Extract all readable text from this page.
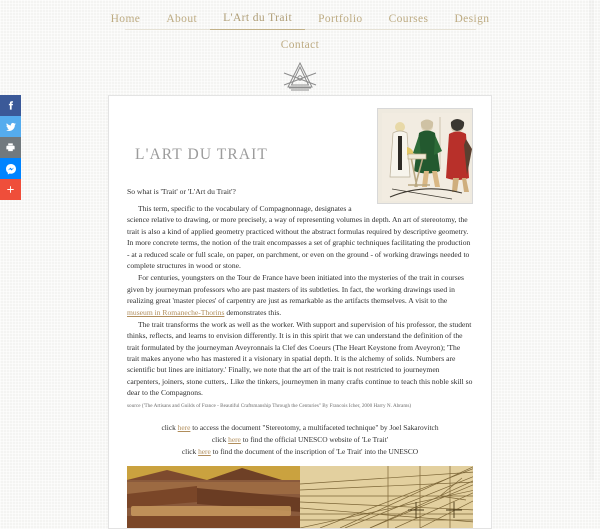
Home	About	L'Art du Trait	Portfolio	Courses	Design
Contact
L'ART DU TRAIT

So what is 'Trait' or 'L'Art du Trait'?

This term, specific to the vocabulary of Compagnonnage, designates a science relative to drawing, or more precisely, a way of representing volumes in depth. An art of stereotomy, the trait is also a kind of applied geometry practiced without the abstract formulas required by descriptive geometry. In more concrete terms, the notion of the trait encompasses a set of graphic techniques facilitating the production - at a reduced scale or full scale, on paper, on parchment, or even on the ground - of working drawings needed to complete structures in wood or stone.

For centuries, youngsters on the Tour de France have been initiated into the mysteries of the trait in courses given by journeyman professors who are past masters of its subtleties. In fact, the working drawings used in realizing great 'master pieces' of carpentry are just as remarkable as the artifacts themselves. A visit to the museum in Romaneche-Thorins demonstrates this.

The trait transforms the work as well as the worker. With support and supervision of his professor, the student thinks, reflects, and learns to envision differently. It is in this spirit that we can understand the definition of the trait formulated by the journeyman Aveyronnais la Clef des Coeurs (The Heart Keystone from Aveyron); 'The trait makes anyone who has mastered it a visionary in spatial depth. It is the alchemy of solids. Numbers are scientific but lines are initiatory.' Finally, we note that the art of the trait is not restricted to journeymen carpenters, joiners, stone cutters,. Like the tinkers, journeymen in many crafts continue to teach this noble skill so dear to the Compagnons.

source ('The Artisans and Guilds of France - Beautiful Craftsmanship Through the Centuries" By Francois Icher, 2000 Harry N. Abrams)

click here to access the document "Stereotomy, a multifaceted technique" by Joel Sakarovitch
click here to find the official UNESCO website of 'Le Trait'
click here to find the document of the inscription of 'Le Trait' into the UNESCO
